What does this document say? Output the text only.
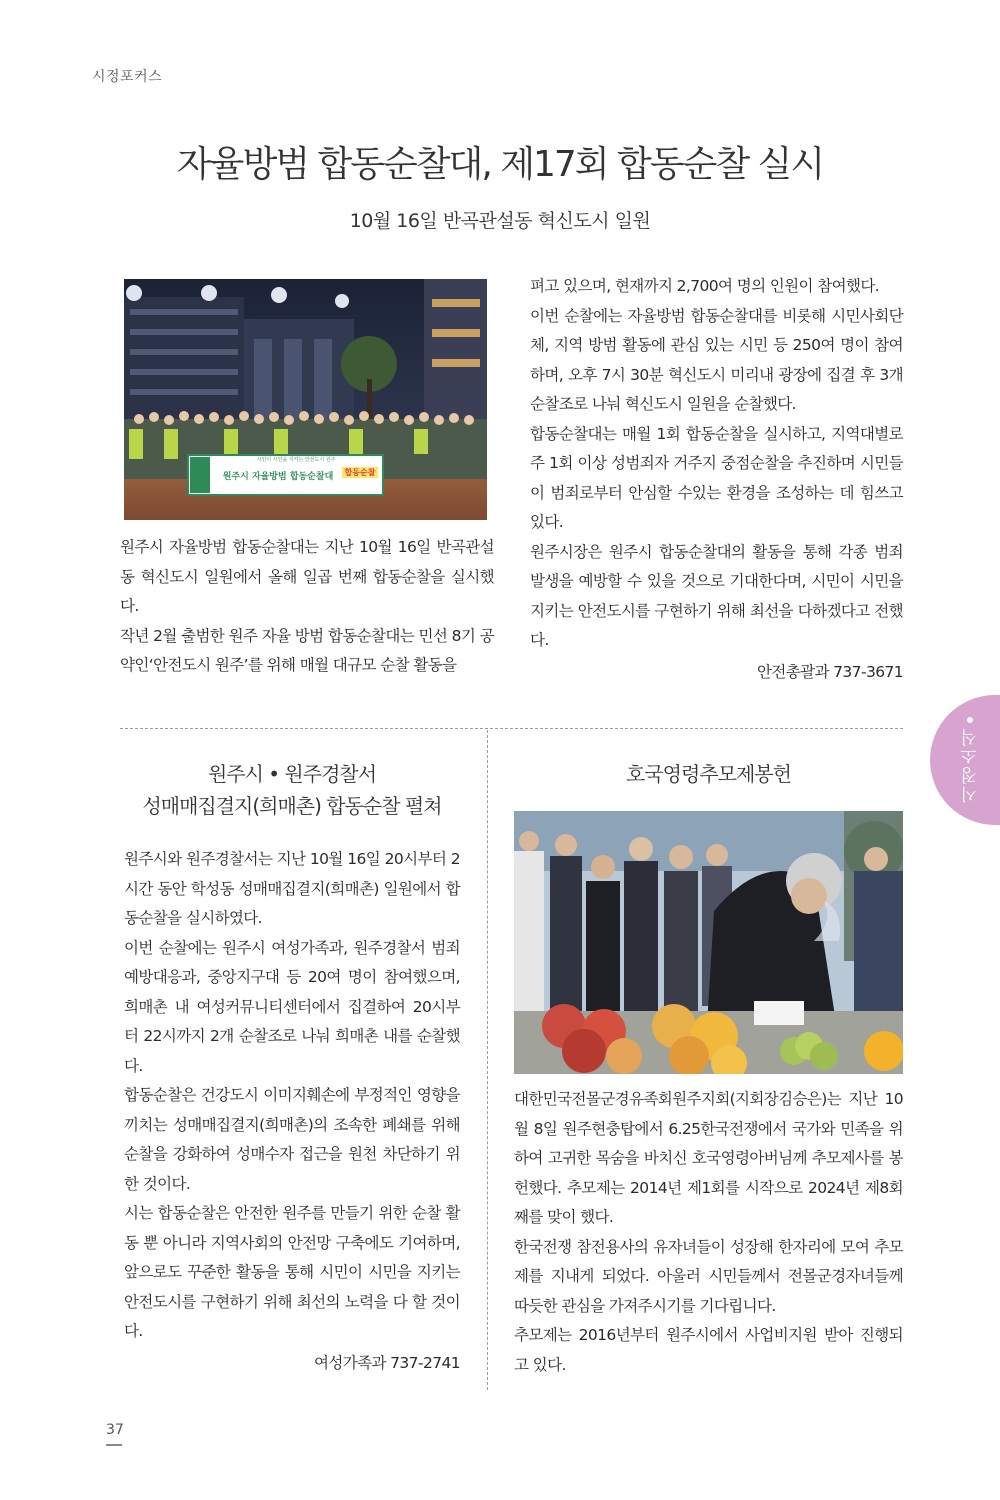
시정포커스
자율방범 합동순찰대, 제17회 합동순찰 실시
10월 16일 반곡관설동 혁신도시 일원
시민이 시민을 지키는 안전도시 원주
원주시 자율방범 합동순찰대	합동순찰

원주시 자율방범 합동순찰대는 지난 10월 16일 반곡관설동 혁신도시 일원에서 올해 일곱 번째 합동순찰을 실시했다.

작년 2월 출범한 원주 자율 방범 합동순찰대는 민선 8기 공약인‘안전도시 원주’를 위해 매월 대규모 순찰 활동을

펴고 있으며, 현재까지 2,700여 명의 인원이 참여했다.

이번 순찰에는 자율방범 합동순찰대를 비롯해 시민사회단체, 지역 방범 활동에 관심 있는 시민 등 250여 명이 참여하며, 오후 7시 30분 혁신도시 미리내 광장에 집결 후 3개 순찰조로 나눠 혁신도시 일원을 순찰했다.

합동순찰대는 매월 1회 합동순찰을 실시하고, 지역대별로 주 1회 이상 성범죄자 거주지 중점순찰을 추진하며 시민들이 범죄로부터 안심할 수있는 환경을 조성하는 데 힘쓰고 있다.

원주시장은 원주시 합동순찰대의 활동을 통해 각종 범죄 발생을 예방할 수 있을 것으로 기대한다며, 시민이 시민을 지키는 안전도시를 구현하기 위해 최선을 다하겠다고 전했다.

안전총괄과 737-3671
원주시 • 원주경찰서
성매매집결지(희매촌) 합동순찰 펼쳐

원주시와 원주경찰서는 지난 10월 16일 20시부터 2시간 동안 학성동 성매매집결지(희매촌) 일원에서 합동순찰을 실시하였다.

이번 순찰에는 원주시 여성가족과, 원주경찰서 범죄예방대응과, 중앙지구대 등 20여 명이 참여했으며, 희매촌 내 여성커뮤니티센터에서 집결하여 20시부터 22시까지 2개 순찰조로 나눠 희매촌 내를 순찰했다.

합동순찰은 건강도시 이미지훼손에 부정적인 영향을 끼치는 성매매집결지(희매촌)의 조속한 폐쇄를 위해 순찰을 강화하여 성매수자 접근을 원천 차단하기 위한 것이다.

시는 합동순찰은 안전한 원주를 만들기 위한 순찰 활동 뿐 아니라 지역사회의 안전망 구축에도 기여하며, 앞으로도 꾸준한 활동을 통해 시민이 시민을 지키는 안전도시를 구현하기 위해 최선의 노력을 다 할 것이다.

여성가족과 737-2741
호국영령추모제봉헌

대한민국전몰군경유족회원주지회(지회장김승은)는 지난 10월 8일 원주현충탑에서 6.25한국전쟁에서 국가와 민족을 위하여 고귀한 목숨을 바치신 호국영령아버님께 추모제사를 봉헌했다. 추모제는 2014년 제1회를 시작으로 2024년 제8회째를 맞이 했다.

한국전쟁 참전용사의 유자녀들이 성장해 한자리에 모여 추모제를 지내게 되었다. 아울러 시민들께서 전몰군경자녀들께 따듯한 관심을 가져주시기를 기다립니다.

추모제는 2016년부터 원주시에서 사업비지원 받아 진행되고 있다.

시정소식
37
